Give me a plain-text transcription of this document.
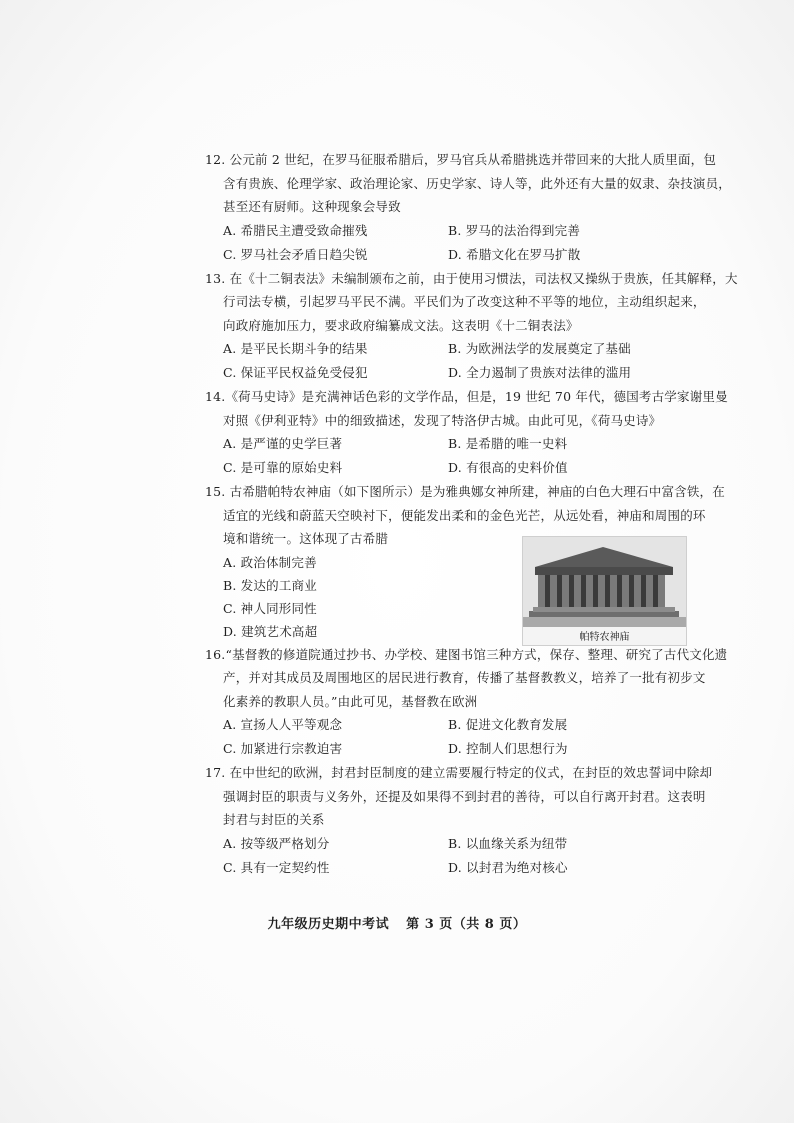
12. 公元前 2 世纪，在罗马征服希腊后，罗马官兵从希腊挑选并带回来的大批人质里面，包
含有贵族、伦理学家、政治理论家、历史学家、诗人等，此外还有大量的奴隶、杂技演员，
甚至还有厨师。这种现象会导致
A. 希腊民主遭受致命摧残	B. 罗马的法治得到完善
C. 罗马社会矛盾日趋尖锐	D. 希腊文化在罗马扩散
13. 在《十二铜表法》未编制颁布之前，由于使用习惯法，司法权又操纵于贵族，任其解释，大
行司法专横，引起罗马平民不满。平民们为了改变这种不平等的地位，主动组织起来，
向政府施加压力，要求政府编纂成文法。这表明《十二铜表法》
A. 是平民长期斗争的结果	B. 为欧洲法学的发展奠定了基础
C. 保证平民权益免受侵犯	D. 全力遏制了贵族对法律的滥用
14.《荷马史诗》是充满神话色彩的文学作品，但是，19 世纪 70 年代，德国考古学家谢里曼
对照《伊利亚特》中的细致描述，发现了特洛伊古城。由此可见，《荷马史诗》
A. 是严谨的史学巨著	B. 是希腊的唯一史料
C. 是可靠的原始史料	D. 有很高的史料价值
15. 古希腊帕特农神庙（如下图所示）是为雅典娜女神所建，神庙的白色大理石中富含铁，在
适宜的光线和蔚蓝天空映衬下，便能发出柔和的金色光芒，从远处看，神庙和周围的环
境和谐统一。这体现了古希腊
A. 政治体制完善
B. 发达的工商业
C. 神人同形同性
D. 建筑艺术高超
16.“基督教的修道院通过抄书、办学校、建图书馆三种方式，保存、整理、研究了古代文化遗
产，并对其成员及周围地区的居民进行教育，传播了基督教教义，培养了一批有初步文
化素养的教职人员。”由此可见，基督教在欧洲
A. 宣扬人人平等观念	B. 促进文化教育发展
C. 加紧进行宗教迫害	D. 控制人们思想行为
17. 在中世纪的欧洲，封君封臣制度的建立需要履行特定的仪式，在封臣的效忠誓词中除却
强调封臣的职责与义务外，还提及如果得不到封君的善待，可以自行离开封君。这表明
封君与封臣的关系
A. 按等级严格划分	B. 以血缘关系为纽带
C. 具有一定契约性	D. 以封君为绝对核心
帕特农神庙
九年级历史期中考试 第 3 页（共 8 页）
